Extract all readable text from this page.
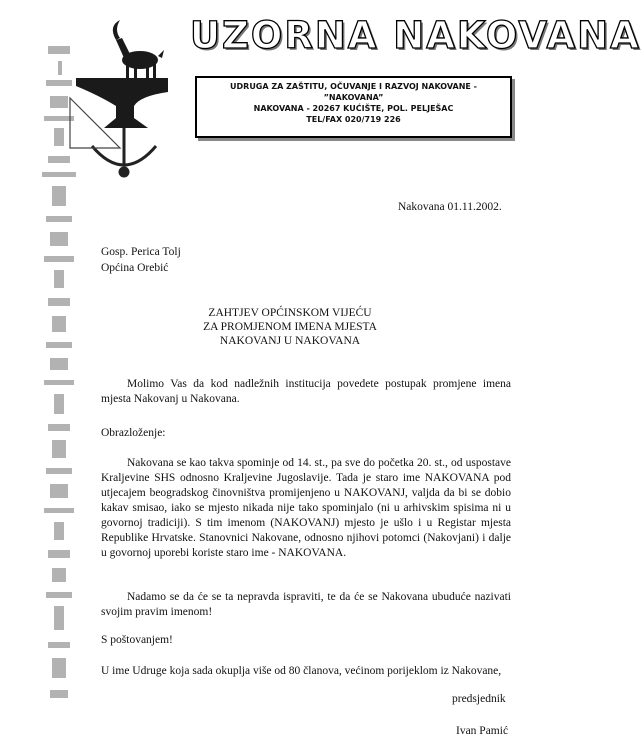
UZORNA NAKOVANA
UDRUGA ZA ZAŠTITU, OČUVANJE I RAZVOJ NAKOVANE -
”NAKOVANA”
NAKOVANA - 20267 KUĆIŠTE, POL. PELJEŠAC
TEL/FAX 020/719 226
Nakovana 01.11.2002.
Gosp. Perica Tolj
Općina Orebić
ZAHTJEV OPĆINSKOM VIJEĆU
ZA PROMJENOM IMENA MJESTA
NAKOVANJ U NAKOVANA
Molimo Vas da kod nadležnih institucija povedete postupak promjene imena mjesta Nakovanj u Nakovana.
Obrazloženje:
Nakovana se kao takva spominje od 14. st., pa sve do početka 20. st., od uspostave Kraljevine SHS odnosno Kraljevine Jugoslavije. Tada je staro ime NAKOVANA pod utjecajem beogradskog činovništva promijenjeno u NAKOVANJ, valjda da bi se dobio kakav smisao, iako se mjesto nikada nije tako spominjalo (ni u arhivskim spisima ni u govornoj tradiciji). S tim imenom (NAKOVANJ) mjesto je ušlo i u Registar mjesta Republike Hrvatske. Stanovnici Nakovane, odnosno njihovi potomci (Nakovjani) i dalje u govornoj uporebi koriste staro ime - NAKOVANA.
Nadamo se da će se ta nepravda ispraviti, te da će se Nakovana ubuduće nazivati svojim pravim imenom!
S poštovanjem!
U ime Udruge koja sada okuplja više od 80 članova, većinom porijeklom iz Nakovane,
predsjednik
Ivan Pamić
